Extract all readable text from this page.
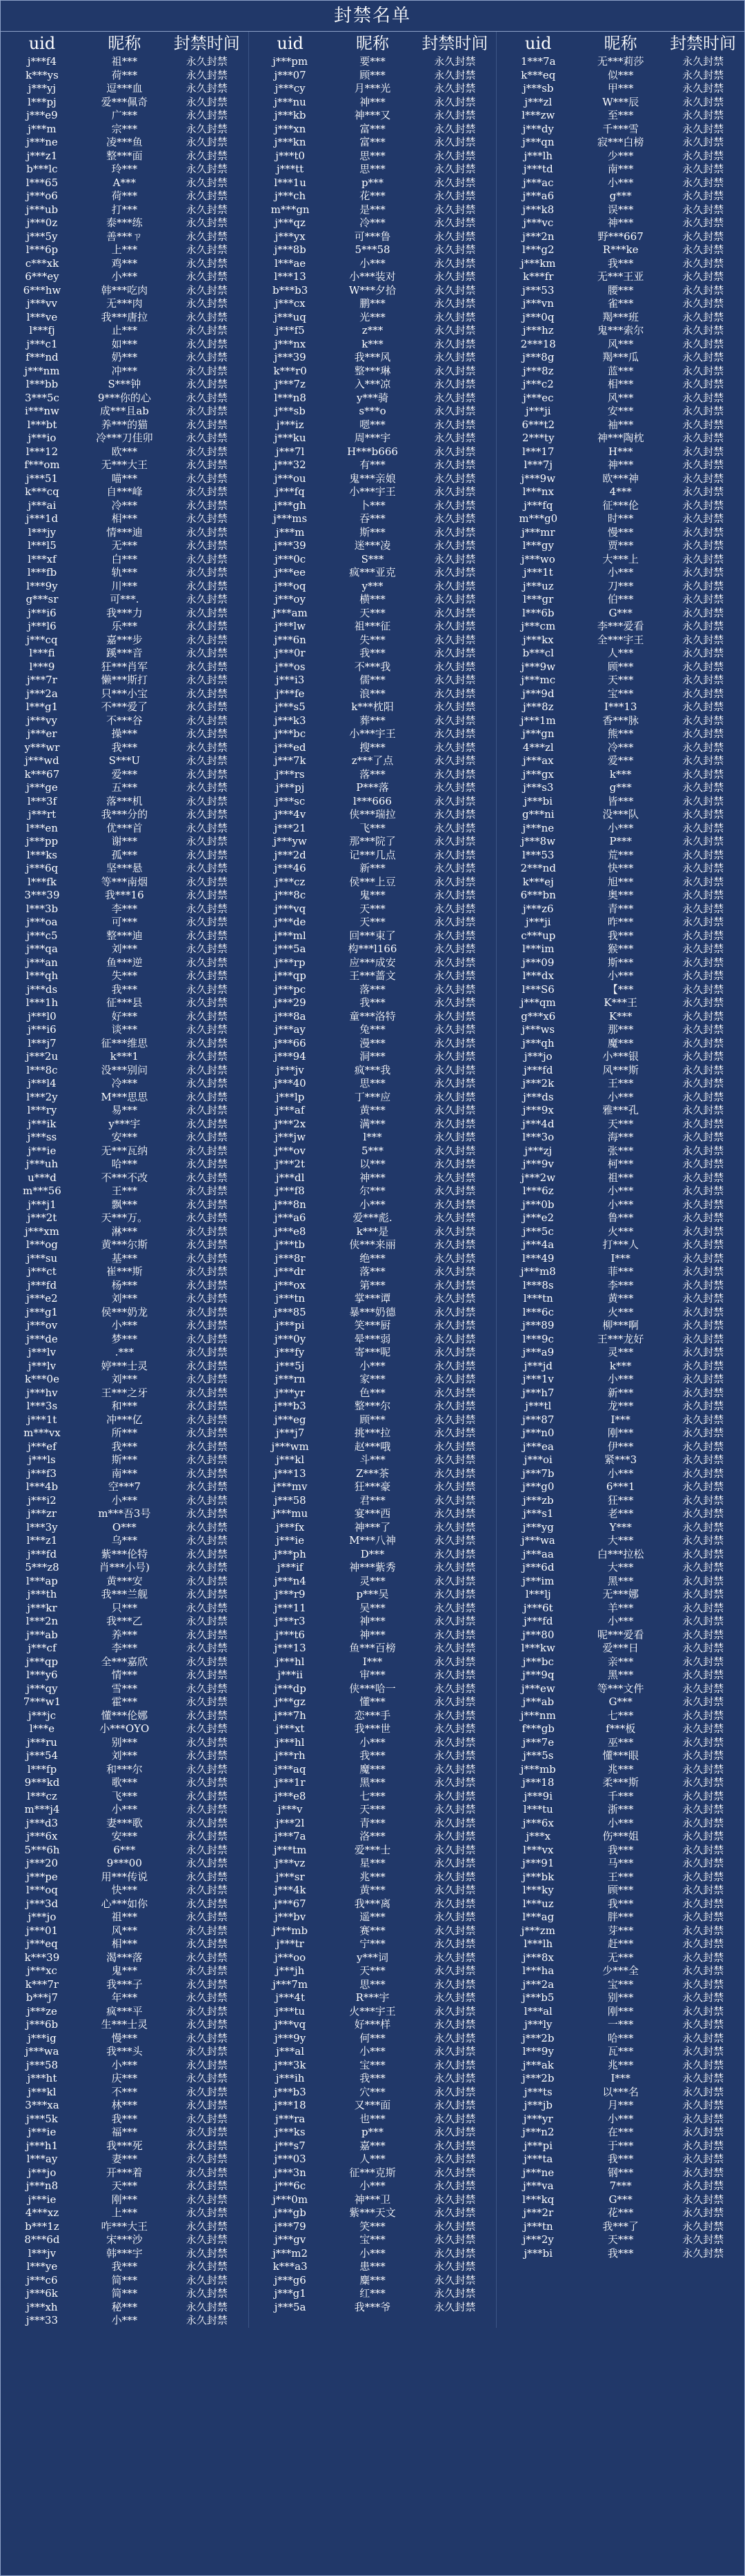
封禁名单
uid	昵称	封禁时间
j***f4	祖***	永久封禁
k***ys	荷***	永久封禁
j***yj	逗***血	永久封禁
l***pj	爱***佩奇	永久封禁
j***e9	广***	永久封禁
j***m	宗***	永久封禁
j***ne	凌***鱼	永久封禁
j***z1	整***面	永久封禁
b***lc	玲***	永久封禁
l***65	A***	永久封禁
j***o6	荷***	永久封禁
j***ub	打***	永久封禁
j***0z	泰***练	永久封禁
j***5y	善***ㄗ	永久封禁
l***6p	上***	永久封禁
c***xk	鸡***	永久封禁
6***ey	小***	永久封禁
6***hw	韩***吃肉	永久封禁
j***vv	无***肉	永久封禁
l***ve	我***唐拉	永久封禁
l***fj	止***	永久封禁
j***c1	如***	永久封禁
f***nd	奶***	永久封禁
j***nm	冲***	永久封禁
l***bb	S***钟	永久封禁
3***5c	9***你的心	永久封禁
i***nw	成***且ab	永久封禁
l***bt	养***的猫	永久封禁
j***io	冷***刀佳卯	永久封禁
l***12	欧***	永久封禁
f***om	无***大王	永久封禁
j***51	喵***	永久封禁
k***cq	自***峰	永久封禁
j***ai	冷***	永久封禁
j***1d	相***	永久封禁
l***jy	情***迪	永久封禁
l***l5	无***	永久封禁
l***xf	白***	永久封禁
l***fb	轨***	永久封禁
l***9y	川***	永久封禁
g***sr	可***.	永久封禁
j***i6	我***力	永久封禁
j***l6	乐***	永久封禁
j***cq	嘉***步	永久封禁
l***fi	蹊***音	永久封禁
l***9	狂***肖军	永久封禁
j***7r	懒***斯打	永久封禁
j***2a	只***小宝	永久封禁
l***g1	不***爱了	永久封禁
j***vy	不***谷	永久封禁
j***er	操***	永久封禁
y***wr	我***	永久封禁
j***wd	S***U	永久封禁
k***67	爱***	永久封禁
j***ge	五***	永久封禁
l***3f	落***机	永久封禁
j***rt	我***分的	永久封禁
l***en	优***首	永久封禁
j***pp	谢***	永久封禁
l***ks	孤***	永久封禁
j***6q	坚***悬	永久封禁
l***fk	等***南烟	永久封禁
3***39	我***16	永久封禁
l***3b	李***	永久封禁
j***oa	可***	永久封禁
j***c5	整***迪	永久封禁
j***qa	刘***	永久封禁
j***an	鱼***逆	永久封禁
l***qh	失***	永久封禁
j***ds	我***	永久封禁
l***1h	征***县	永久封禁
j***l0	好***	永久封禁
j***i6	谈***	永久封禁
l***j7	征***维思	永久封禁
j***2u	k***1	永久封禁
l***8c	没***别问	永久封禁
j***l4	冷***	永久封禁
l***2y	M***思思	永久封禁
l***ry	易***	永久封禁
j***ik	y***宇	永久封禁
j***ss	安***	永久封禁
j***ie	无***瓦纳	永久封禁
j***uh	哈***	永久封禁
u***d	不***不改	永久封禁
m***56	王***	永久封禁
j***j1	飘***	永久封禁
j***2t	天***万。	永久封禁
j***xm	淋***	永久封禁
l***og	黄***尔斯	永久封禁
j***su	基***	永久封禁
j***ct	崔***斯	永久封禁
j***fd	杨***	永久封禁
j***e2	刘***	永久封禁
j***g1	侯***奶龙	永久封禁
j***ov	小***	永久封禁
j***de	梦***	永久封禁
j***lv	.***	永久封禁
j***lv	婷***士灵	永久封禁
k***0e	刘***	永久封禁
j***hv	王***之牙	永久封禁
l***3s	和***	永久封禁
j***1t	冲***亿	永久封禁
m***vx	所***	永久封禁
j***ef	我***	永久封禁
j***ls	斯***	永久封禁
j***f3	南***	永久封禁
l***4b	空***7	永久封禁
j***i2	小***	永久封禁
j***zr	m***吾3号	永久封禁
l***3y	O***	永久封禁
l***z1	乌***	永久封禁
j***fd	紫***伦特	永久封禁
5***z8	肖***小号)	永久封禁
l***ap	黄***安	永久封禁
j***th	我***兰舰	永久封禁
j***kr	只***	永久封禁
l***2n	我***乙	永久封禁
j***ab	养***	永久封禁
j***cf	李***	永久封禁
j***qp	全***嘉欣	永久封禁
l***y6	情***	永久封禁
j***qy	雪***	永久封禁
7***w1	霍***	永久封禁
j***jc	懂***伦娜	永久封禁
l***e	小***OYO	永久封禁
j***ru	别***	永久封禁
j***54	刘***	永久封禁
l***fp	和***尔	永久封禁
9***kd	歌***	永久封禁
l***cz	飞***	永久封禁
m***j4	小***	永久封禁
j***d3	妻***歌	永久封禁
j***6x	安***	永久封禁
5***6h	6***	永久封禁
j***20	9***00	永久封禁
j***pe	用***传说	永久封禁
l***oq	快***	永久封禁
j***3d	心***如你	永久封禁
j***jo	祖***	永久封禁
j***01	风***	永久封禁
j***eq	相***	永久封禁
k***39	渴***落	永久封禁
j***xc	鬼***	永久封禁
k***7r	我***子	永久封禁
b***j7	年***	永久封禁
j***ze	疯***平	永久封禁
j***6b	生***士灵	永久封禁
j***ig	慢***	永久封禁
j***wa	我***头	永久封禁
j***58	小***	永久封禁
j***ht	庆***	永久封禁
j***kl	不***	永久封禁
3***xa	林***	永久封禁
j***5k	我***	永久封禁
j***ie	福***	永久封禁
j***h1	我***死	永久封禁
l***ay	妻***	永久封禁
j***jo	开***着	永久封禁
j***n8	天***	永久封禁
j***ie	刚***	永久封禁
4***xz	上***	永久封禁
b***1z	咋***大王	永久封禁
8***6d	宋***沙	永久封禁
l***jv	韩***宇	永久封禁
l***ye	我***	永久封禁
j***c6	简***	永久封禁
j***6k	简***	永久封禁
j***xh	秘***	永久封禁
j***33	小***	永久封禁
uid	昵称	封禁时间
j***pm	要***	永久封禁
j***07	顾***	永久封禁
j***cy	月***光	永久封禁
j***nu	神***	永久封禁
j***kb	神***又	永久封禁
j***xn	富***	永久封禁
j***kn	富***	永久封禁
j***t0	思***	永久封禁
j***tt	思***	永久封禁
l***1u	p***	永久封禁
j***ch	花***	永久封禁
m***gn	是***	永久封禁
j***qz	冷***	永久封禁
j***yx	可***鲁	永久封禁
j***8b	5***58	永久封禁
l***ae	小***	永久封禁
l***13	小***装对	永久封禁
b***b3	W***夕拾	永久封禁
j***cx	鹏***	永久封禁
j***uq	光***	永久封禁
j***f5	z***	永久封禁
j***nx	k***	永久封禁
j***39	我***风	永久封禁
k***r0	整***琳	永久封禁
j***7z	入***凉	永久封禁
l***n8	y***骑	永久封禁
j***sb	s***o	永久封禁
j***iz	嗯***	永久封禁
j***ku	周***宇	永久封禁
j***7l	H***b666	永久封禁
j***32	有***	永久封禁
j***ou	鬼***亲娘	永久封禁
j***fq	小***宇王	永久封禁
j***gh	卜***	永久封禁
j***ms	吞***	永久封禁
j***m	斯***	永久封禁
j***39	迷***凌	永久封禁
j***0c	S***	永久封禁
j***ee	疯***亚克	永久封禁
j***oq	y***	永久封禁
j***oy	横***	永久封禁
j***am	天***	永久封禁
j***lw	祖***征	永久封禁
j***6n	失***	永久封禁
j***0r	我***	永久封禁
j***os	不***我	永久封禁
j***i3	儒***	永久封禁
j***fe	浪***	永久封禁
j***s5	k***枕阳	永久封禁
j***k3	葬***	永久封禁
j***bc	小***宇王	永久封禁
j***ed	搜***	永久封禁
j***7k	z***了点	永久封禁
j***rs	落***	永久封禁
j***pj	P***落	永久封禁
j***sc	l***666	永久封禁
j***4v	侠***瑞拉	永久封禁
j***21	飞***	永久封禁
j***yw	那***院了	永久封禁
j***2d	记***几点	永久封禁
j***46	新***	永久封禁
j***cz	侯***上豆	永久封禁
j***8c	鬼***	永久封禁
j***vq	天***	永久封禁
j***de	天***	永久封禁
j***ml	回***束了	永久封禁
j***5a	构***l166	永久封禁
j***rp	应***成安	永久封禁
j***qp	王***蔷文	永久封禁
j***pc	落***	永久封禁
j***29	我***	永久封禁
j***8a	童***洛特	永久封禁
j***ay	兔***	永久封禁
j***66	漫***	永久封禁
j***94	洞***	永久封禁
j***jv	疯***我	永久封禁
j***40	思***	永久封禁
j***lp	丁***应	永久封禁
j***af	黄***	永久封禁
j***2x	满***	永久封禁
j***jw	l***	永久封禁
j***ov	5***	永久封禁
j***2t	以***	永久封禁
j***dl	神***	永久封禁
j***f8	尔***	永久封禁
j***8n	小***	永久封禁
j***a6	爱***彪.	永久封禁
j***e8	k***是	永久封禁
j***tb	侠***来丽	永久封禁
j***8r	绝***	永久封禁
j***dr	落***	永久封禁
j***ox	第***	永久封禁
j***tn	掌***谭	永久封禁
j***85	暴***奶德	永久封禁
j***pi	笑***厨	永久封禁
j***0y	晕***弱	永久封禁
j***fy	寄***呢	永久封禁
j***5j	小***	永久封禁
j***rn	家***	永久封禁
j***yr	色***	永久封禁
j***b3	整***尔	永久封禁
j***eg	顾***	永久封禁
j***j7	挑***拉	永久封禁
j***wm	赵***哦	永久封禁
j***kl	斗***	永久封禁
j***13	Z***茶	永久封禁
j***mv	狂***豪	永久封禁
j***58	君***	永久封禁
j***mu	宴***西	永久封禁
j***fx	神***了	永久封禁
j***ie	M***八神	永久封禁
j***ph	D***	永久封禁
j***if	神***紫秀	永久封禁
j***n4	灵***	永久封禁
j***r9	p***吴	永久封禁
j***11	吴***	永久封禁
j***r3	神***	永久封禁
j***t6	神***	永久封禁
j***13	鱼***百榜	永久封禁
j***hl	I***	永久封禁
j***ii	审***	永久封禁
j***dp	侠***哈一	永久封禁
j***gz	懂***	永久封禁
j***7h	恋***手	永久封禁
j***xt	我***世	永久封禁
j***hl	小***	永久封禁
j***rh	我***	永久封禁
j***aq	魔***	永久封禁
j***1r	黑***	永久封禁
j***e8	七***	永久封禁
j***v	天***	永久封禁
j***2l	青***	永久封禁
j***7a	洛***	永久封禁
j***tm	爱***士	永久封禁
j***vz	星***	永久封禁
j***sr	兆***	永久封禁
j***4k	黄***	永久封禁
j***67	我***离	永久封禁
j***bv	遥***	永久封禁
j***mb	赛***	永久封禁
j***tr	宁***	永久封禁
j***oo	y***词	永久封禁
j***jh	天***	永久封禁
j***7m	思***	永久封禁
j***4t	R***宇	永久封禁
j***tu	火***宇王	永久封禁
j***vq	好***样	永久封禁
j***9y	何***	永久封禁
j***al	小***	永久封禁
j***3k	宝***	永久封禁
j***ih	我***	永久封禁
j***b3	穴***	永久封禁
j***18	又***面	永久封禁
j***ra	也***	永久封禁
j***ks	p***	永久封禁
j***s7	嘉***	永久封禁
j***03	人***	永久封禁
j***3n	征***克斯	永久封禁
j***6c	小***	永久封禁
j***0m	神***卫	永久封禁
j***gb	紫***天文	永久封禁
j***79	笑***	永久封禁
j***gv	宝***	永久封禁
j***m2	小***	永久封禁
k***a3	患***	永久封禁
j***g6	麋***	永久封禁
j***g1	红***	永久封禁
j***5a	我***爷	永久封禁
uid	昵称	封禁时间
1***7a	无***莉莎	永久封禁
k***eq	似***	永久封禁
j***sb	甲***	永久封禁
j***zl	W***辰	永久封禁
l***zw	至***	永久封禁
j***dy	千***雪	永久封禁
j***qn	寂***白榜	永久封禁
j***lh	少***	永久封禁
j***td	南***	永久封禁
j***ac	小***	永久封禁
j***a6	g***	永久封禁
j***k8	误***	永久封禁
j***vc	神***	永久封禁
j***2n	野***667	永久封禁
l***g2	R***ke	永久封禁
j***km	我***	永久封禁
k***fr	无***王亚	永久封禁
j***53	腰***	永久封禁
j***vn	雀***	永久封禁
j***0q	羯***班	永久封禁
j***hz	鬼***索尔	永久封禁
2***18	风***	永久封禁
j***8g	羯***瓜	永久封禁
j***8z	蓝***	永久封禁
j***c2	相***	永久封禁
j***ec	风***	永久封禁
j***ji	安***	永久封禁
6***t2	袖***	永久封禁
2***ty	神***陶枕	永久封禁
l***17	H***	永久封禁
l***7j	神***	永久封禁
j***9w	欧***神	永久封禁
l***nx	4***	永久封禁
j***fq	征***伦	永久封禁
m***g0	时***	永久封禁
j***mr	慢***	永久封禁
l***gy	贾***	永久封禁
j***wo	大***上	永久封禁
j***1t	小***	永久封禁
j***uz	刀***	永久封禁
l***gr	伯***	永久封禁
l***6b	G***	永久封禁
j***cm	李***爱看	永久封禁
j***kx	全***宇王	永久封禁
b***cl	人***	永久封禁
j***9w	顾***	永久封禁
j***mc	天***	永久封禁
j***9d	宝***	永久封禁
j***8z	I***13	永久封禁
j***1m	香***脉	永久封禁
j***gn	熊***	永久封禁
4***zl	冷***	永久封禁
j***ax	爱***	永久封禁
j***gx	k***	永久封禁
j***s3	g***	永久封禁
j***bi	皆***	永久封禁
g***ni	没***队	永久封禁
j***ne	小***	永久封禁
j***8w	P***	永久封禁
l***53	荒***	永久封禁
2***nd	快***	永久封禁
k***ej	旭***	永久封禁
6***bn	奥***	永久封禁
j***z6	青***	永久封禁
j***ji	昨***	永久封禁
c***up	我***	永久封禁
l***im	猴***	永久封禁
j***09	斯***	永久封禁
l***dx	小***	永久封禁
l***S6	【***	永久封禁
j***qm	K***王	永久封禁
g***x6	K***	永久封禁
j***ws	那***	永久封禁
j***qh	魔***	永久封禁
j***jo	小***银	永久封禁
j***fd	风***斯	永久封禁
j***2k	王***	永久封禁
j***ds	小***	永久封禁
j***9x	雅***孔	永久封禁
j***4d	天***	永久封禁
l***3o	海***	永久封禁
j***zj	张***	永久封禁
j***9v	柯***	永久封禁
j***2w	祖***	永久封禁
l***6z	小***	永久封禁
j***0b	小***	永久封禁
j***e2	鲁***	永久封禁
j***5c	火***	永久封禁
j***4a	打***人	永久封禁
l***49	I***	永久封禁
j***m8	菲***	永久封禁
l***8s	李***	永久封禁
l***tn	黄***	永久封禁
l***6c	火***	永久封禁
j***89	柳***啊	永久封禁
l***9c	王***龙好	永久封禁
j***a9	灵***	永久封禁
j***jd	k***	永久封禁
j***1v	小***	永久封禁
j***h7	新***	永久封禁
j***tl	龙***	永久封禁
j***87	I***	永久封禁
j***n0	刚***	永久封禁
j***ea	伊***	永久封禁
j***oi	紧***3	永久封禁
j***7b	小***	永久封禁
j***g0	6***1	永久封禁
j***zb	狂***	永久封禁
j***s1	老***	永久封禁
j***yg	Y***	永久封禁
j***wa	大***	永久封禁
j***aa	白***拉松	永久封禁
j***6d	大***	永久封禁
j***im	黑***	永久封禁
l***lj	无***娜	永久封禁
j***6t	羊***	永久封禁
j***fd	小***	永久封禁
j***80	呢***爱看	永久封禁
l***kw	爱***日	永久封禁
j***bc	亲***	永久封禁
j***9q	黑***	永久封禁
j***ew	等***文件	永久封禁
j***ab	G***	永久封禁
j***nm	七***	永久封禁
f***gb	f***板	永久封禁
j***7e	巫***	永久封禁
j***5s	懂***眼	永久封禁
j***mb	兆***	永久封禁
j***18	柔***斯	永久封禁
j***9i	千***	永久封禁
l***tu	浙***	永久封禁
j***6x	小***	永久封禁
j***x	伤***姐	永久封禁
l***vx	我***	永久封禁
j***91	马***	永久封禁
j***bk	王***	永久封禁
l***ky	顾***	永久封禁
l***uz	我***	永久封禁
l***ag	胖***	永久封禁
j***zm	芽***	永久封禁
l***lh	赶***	永久封禁
j***8x	无***	永久封禁
l***ha	少***全	永久封禁
j***2a	宝***	永久封禁
j***b5	别***	永久封禁
l***al	刚***	永久封禁
j***ly	一***	永久封禁
j***2b	哈***	永久封禁
l***9y	瓦***	永久封禁
j***ak	兆***	永久封禁
j***2b	I***	永久封禁
j***ts	以***名	永久封禁
j***jb	月***	永久封禁
j***yr	小***	永久封禁
j***n2	在***	永久封禁
j***pi	于***	永久封禁
j***ta	我***	永久封禁
j***ne	钢***	永久封禁
j***va	7***	永久封禁
l***kq	G***	永久封禁
j***2r	花***	永久封禁
j***tn	我***了	永久封禁
j***2y	天***	永久封禁
j***bi	我***	永久封禁
